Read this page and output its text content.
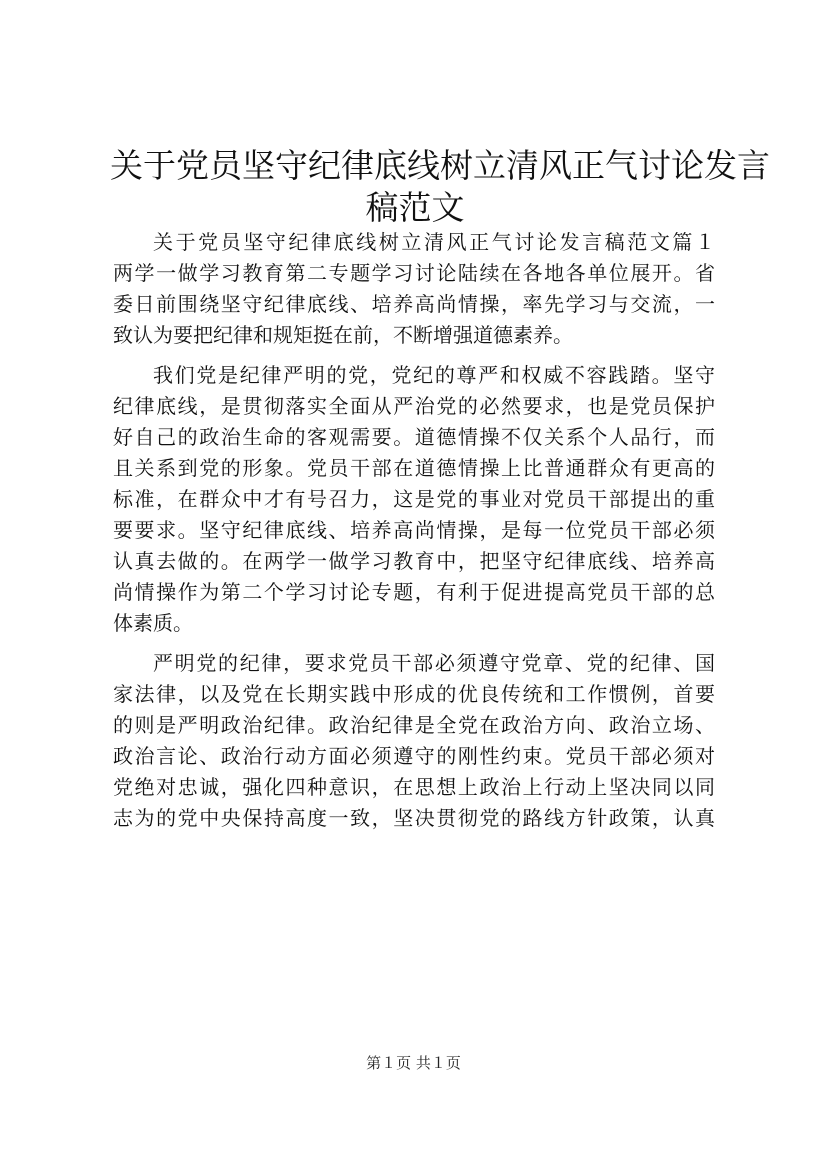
关于党员坚守纪律底线树立清风正气讨论发言
稿范文
关于党员坚守纪律底线树立清风正气讨论发言稿范文篇１
两学一做学习教育第二专题学习讨论陆续在各地各单位展开。省
委日前围绕坚守纪律底线、培养高尚情操，率先学习与交流，一
致认为要把纪律和规矩挺在前，不断增强道德素养。
我们党是纪律严明的党，党纪的尊严和权威不容践踏。坚守
纪律底线，是贯彻落实全面从严治党的必然要求，也是党员保护
好自己的政治生命的客观需要。道德情操不仅关系个人品行，而
且关系到党的形象。党员干部在道德情操上比普通群众有更高的
标准，在群众中才有号召力，这是党的事业对党员干部提出的重
要要求。坚守纪律底线、培养高尚情操，是每一位党员干部必须
认真去做的。在两学一做学习教育中，把坚守纪律底线、培养高
尚情操作为第二个学习讨论专题，有利于促进提高党员干部的总
体素质。
严明党的纪律，要求党员干部必须遵守党章、党的纪律、国
家法律，以及党在长期实践中形成的优良传统和工作惯例，首要
的则是严明政治纪律。政治纪律是全党在政治方向、政治立场、
政治言论、政治行动方面必须遵守的刚性约束。党员干部必须对
党绝对忠诚，强化四种意识，在思想上政治上行动上坚决同以同
志为的党中央保持高度一致，坚决贯彻党的路线方针政策，认真
第１页 共１页
